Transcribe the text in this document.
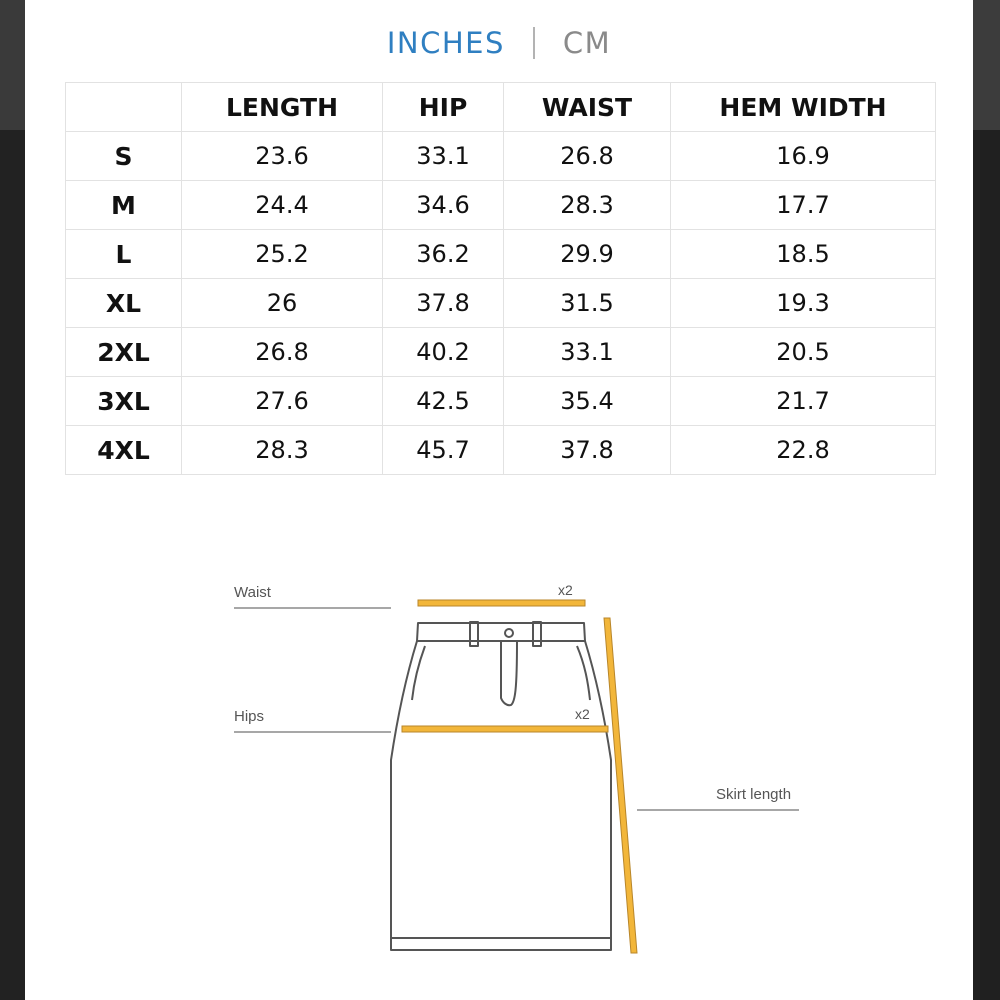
INCHES CM
	LENGTH	HIP	WAIST	HEM WIDTH
S	23.6	33.1	26.8	16.9
M	24.4	34.6	28.3	17.7
L	25.2	36.2	29.9	18.5
XL	26	37.8	31.5	19.3
2XL	26.8	40.2	33.1	20.5
3XL	27.6	42.5	35.4	21.7
4XL	28.3	45.7	37.8	22.8
Waist
Hips
Skirt length
x2
x2
